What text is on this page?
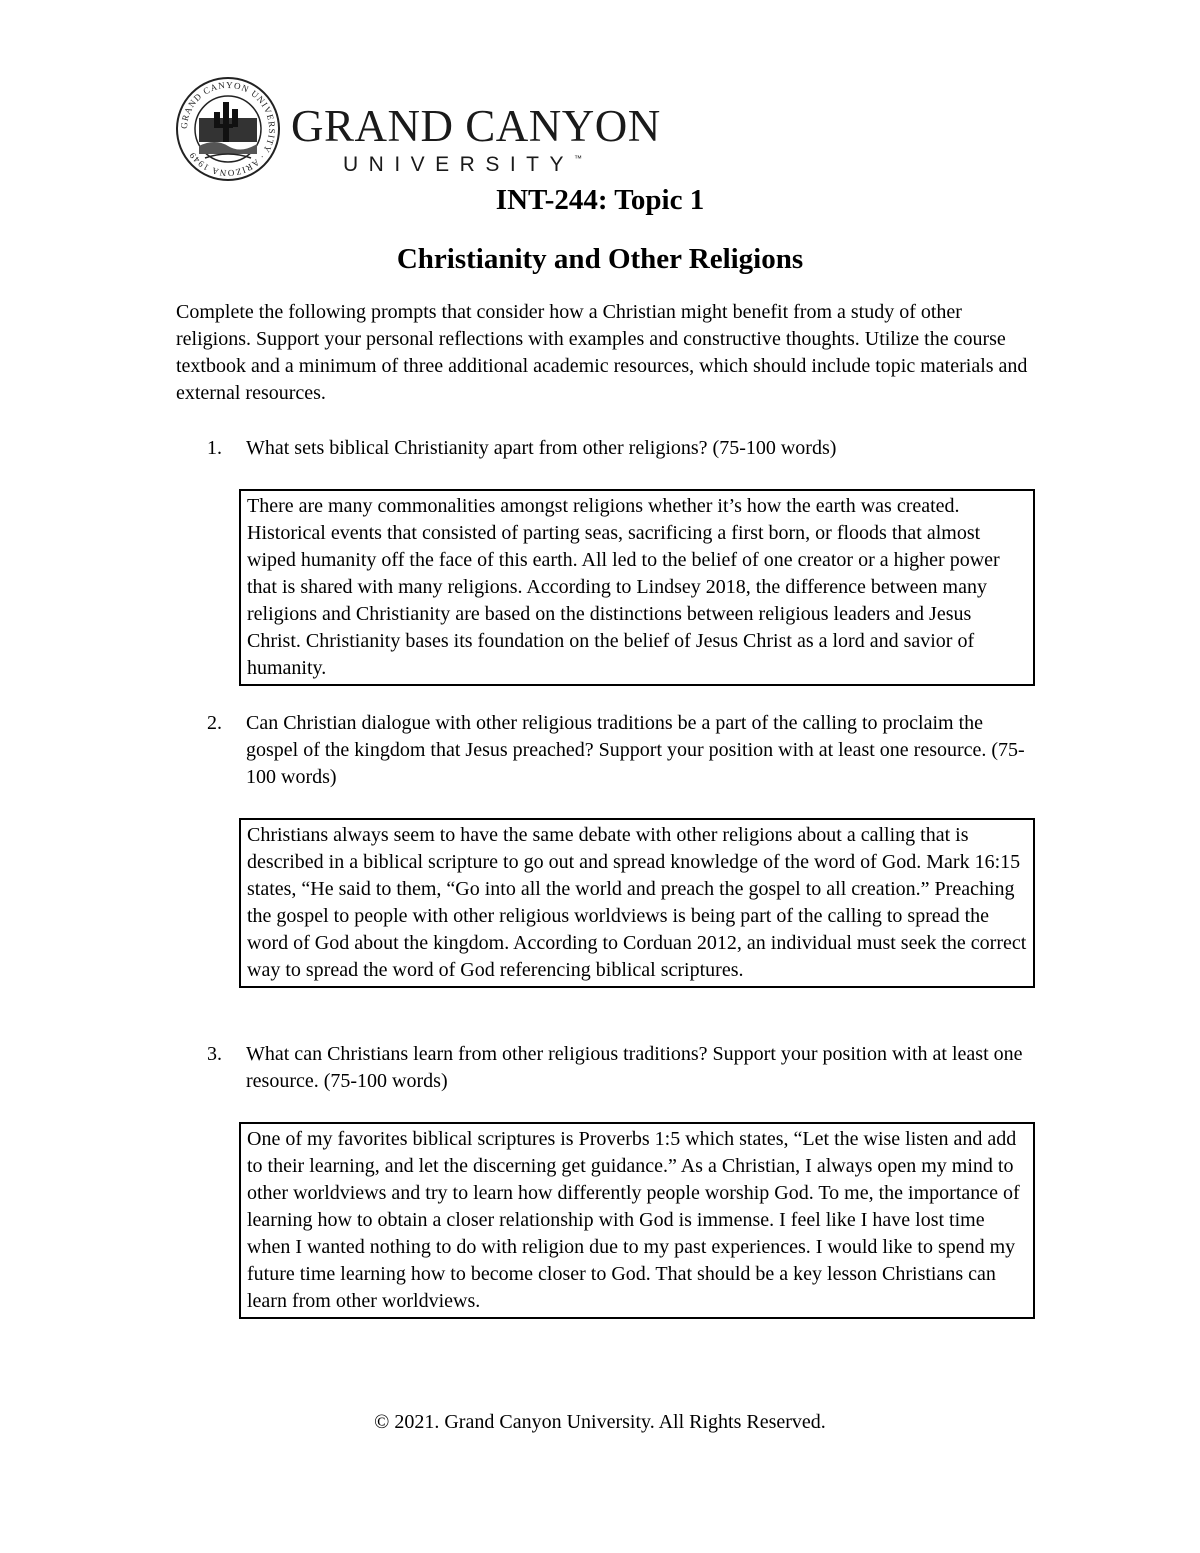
GRAND CANYON UNIVERSITY · ARIZONA 1949
GRAND CANYON
UNIVERSITY™
INT-244: Topic 1
Christianity and Other Religions

Complete the following prompts that consider how a Christian might benefit from a study of other religions. Support your personal reflections with examples and constructive thoughts. Utilize the course textbook and a minimum of three additional academic resources, which should include topic materials and external resources.

1. What sets biblical Christianity apart from other religions? (75-100 words)
There are many commonalities amongst religions whether it’s how the earth was created. Historical events that consisted of parting seas, sacrificing a first born, or floods that almost wiped humanity off the face of this earth. All led to the belief of one creator or a higher power that is shared with many religions. According to Lindsey 2018, the difference between many religions and Christianity are based on the distinctions between religious leaders and Jesus Christ. Christianity bases its foundation on the belief of Jesus Christ as a lord and savior of humanity.
2. Can Christian dialogue with other religious traditions be a part of the calling to proclaim the gospel of the kingdom that Jesus preached? Support your position with at least one resource. (75-100 words)
Christians always seem to have the same debate with other religions about a calling that is described in a biblical scripture to go out and spread knowledge of the word of God. Mark 16:15 states, “He said to them, “Go into all the world and preach the gospel to all creation.” Preaching the gospel to people with other religious worldviews is being part of the calling to spread the word of God about the kingdom. According to Corduan 2012, an individual must seek the correct way to spread the word of God referencing biblical scriptures.
3. What can Christians learn from other religious traditions? Support your position with at least one resource. (75-100 words)
One of my favorites biblical scriptures is Proverbs 1:5 which states, “Let the wise listen and add to their learning, and let the discerning get guidance.” As a Christian, I always open my mind to other worldviews and try to learn how differently people worship God. To me, the importance of learning how to obtain a closer relationship with God is immense. I feel like I have lost time when I wanted nothing to do with religion due to my past experiences. I would like to spend my future time learning how to become closer to God. That should be a key lesson Christians can learn from other worldviews.

© 2021. Grand Canyon University. All Rights Reserved.
